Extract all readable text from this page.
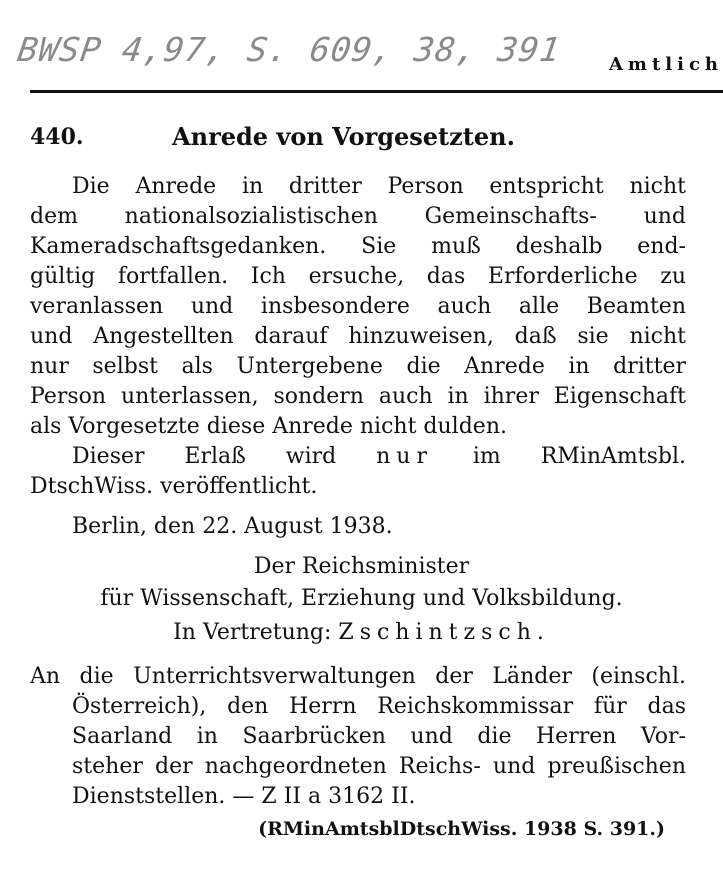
BWSP 4,97, S. 609, 38, 391	Amtlich
440.	Anrede von Vorgesetzten.
Die Anrede in dritter Person entspricht nicht
dem nationalsozialistischen Gemeinschafts- und
Kameradschaftsgedanken. Sie muß deshalb end-
gültig fortfallen. Ich ersuche, das Erforderliche zu
veranlassen und insbesondere auch alle Beamten
und Angestellten darauf hinzuweisen, daß sie nicht
nur selbst als Untergebene die Anrede in dritter
Person unterlassen, sondern auch in ihrer Eigenschaft
als Vorgesetzte diese Anrede nicht dulden.
Dieser Erlaß wird nur im RMinAmtsbl.
DtschWiss. veröffentlicht.
Berlin, den 22. August 1938.
Der Reichsminister
für Wissenschaft, Erziehung und Volksbildung.
In Vertretung: Zschintzsch.
An die Unterrichtsverwaltungen der Länder (einschl.
Österreich), den Herrn Reichskommissar für das
Saarland in Saarbrücken und die Herren Vor-
steher der nachgeordneten Reichs- und preußischen
Dienststellen. — Z II a 3162 II.
(RMinAmtsblDtschWiss. 1938 S. 391.)
